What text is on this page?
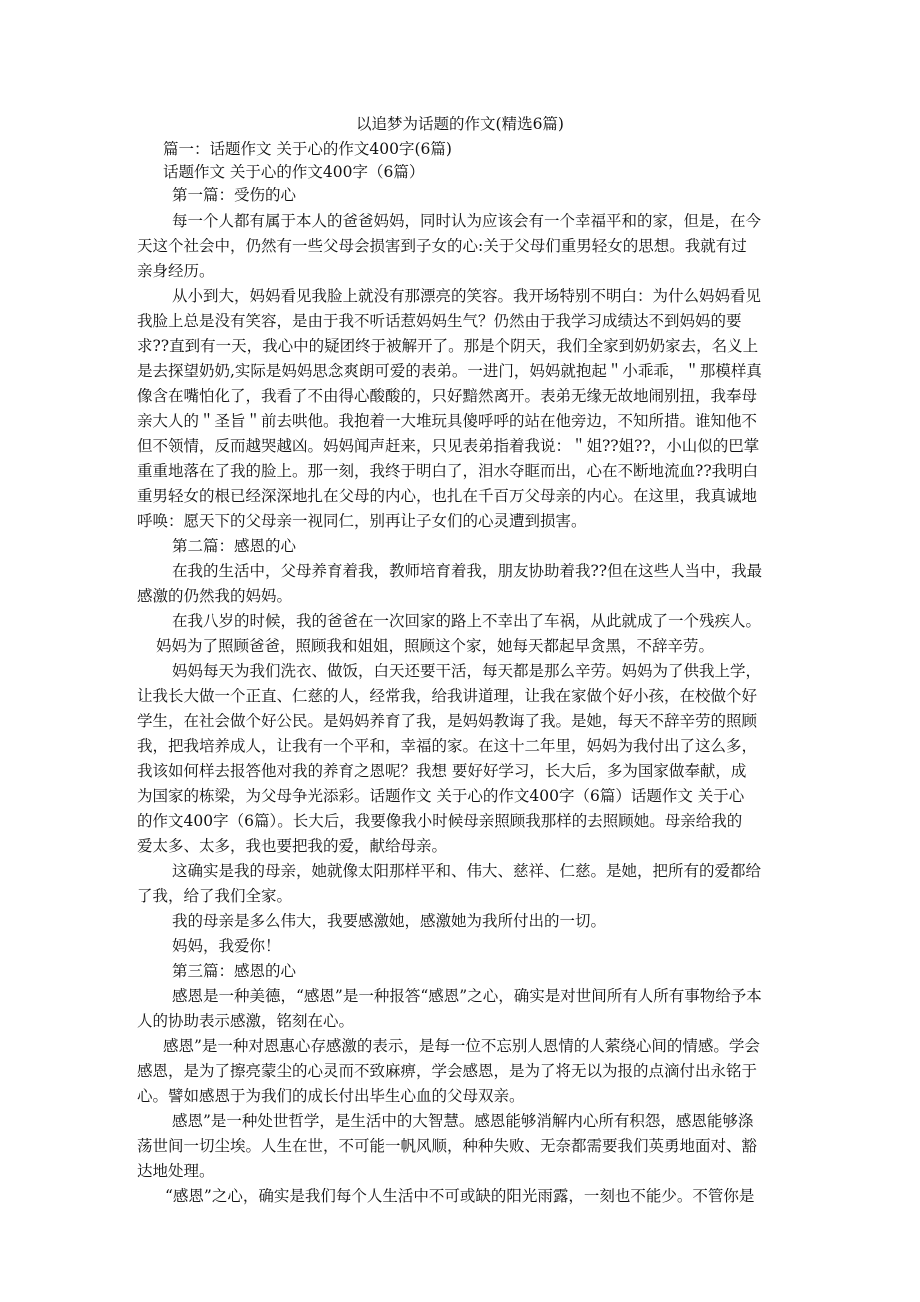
以追梦为话题的作文(精选6篇)
篇一：话题作文 关于心的作文400字(6篇)
话题作文 关于心的作文400字（6篇）
第一篇：受伤的心
每一个人都有属于本人的爸爸妈妈，同时认为应该会有一个幸福平和的家，但是，在今
天这个社会中，仍然有一些父母会损害到子女的心:关于父母们重男轻女的思想。我就有过
亲身经历。
从小到大，妈妈看见我脸上就没有那漂亮的笑容。我开场特别不明白：为什么妈妈看见
我脸上总是没有笑容，是由于我不听话惹妈妈生气？仍然由于我学习成绩达不到妈妈的要
求??直到有一天，我心中的疑团终于被解开了。那是个阴天，我们全家到奶奶家去，名义上
是去探望奶奶,实际是妈妈思念爽朗可爱的表弟。一进门，妈妈就抱起＂小乖乖，＂那模样真
像含在嘴怕化了，我看了不由得心酸酸的，只好黯然离开。表弟无缘无故地闹别扭，我奉母
亲大人的＂圣旨＂前去哄他。我抱着一大堆玩具傻呼呼的站在他旁边，不知所措。谁知他不
但不领情，反而越哭越凶。妈妈闻声赶来，只见表弟指着我说：＂姐??姐??，小山似的巴掌
重重地落在了我的脸上。那一刻，我终于明白了，泪水夺眶而出，心在不断地流血??我明白
重男轻女的根已经深深地扎在父母的内心，也扎在千百万父母亲的内心。在这里，我真诚地
呼唤：愿天下的父母亲一视同仁，别再让子女们的心灵遭到损害。
第二篇：感恩的心
在我的生活中，父母养育着我，教师培育着我，朋友协助着我??但在这些人当中，我最
感激的仍然我的妈妈。
在我八岁的时候，我的爸爸在一次回家的路上不幸出了车祸，从此就成了一个残疾人。
妈妈为了照顾爸爸，照顾我和姐姐，照顾这个家，她每天都起早贪黑，不辞辛劳。
妈妈每天为我们洗衣、做饭，白天还要干活，每天都是那么辛劳。妈妈为了供我上学，
让我长大做一个正直、仁慈的人，经常我，给我讲道理，让我在家做个好小孩，在校做个好
学生，在社会做个好公民。是妈妈养育了我，是妈妈教诲了我。是她，每天不辞辛劳的照顾
我，把我培养成人，让我有一个平和，幸福的家。在这十二年里，妈妈为我付出了这么多，
我该如何样去报答他对我的养育之恩呢？我想 要好好学习，长大后，多为国家做奉献，成
为国家的栋梁，为父母争光添彩。话题作文 关于心的作文400字（6篇）话题作文 关于心
的作文400字（6篇）。长大后，我要像我小时候母亲照顾我那样的去照顾她。母亲给我的
爱太多、太多，我也要把我的爱，献给母亲。
这确实是我的母亲，她就像太阳那样平和、伟大、慈祥、仁慈。是她，把所有的爱都给
了我，给了我们全家。
我的母亲是多么伟大，我要感激她，感激她为我所付出的一切。
妈妈，我爱你！
第三篇：感恩的心
感恩是一种美德，“感恩”是一种报答“感恩”之心，确实是对世间所有人所有事物给予本
人的协助表示感激，铭刻在心。
感恩”是一种对恩惠心存感激的表示，是每一位不忘别人恩情的人萦绕心间的情感。学会
感恩，是为了擦亮蒙尘的心灵而不致麻痹，学会感恩，是为了将无以为报的点滴付出永铭于
心。譬如感恩于为我们的成长付出毕生心血的父母双亲。
感恩”是一种处世哲学，是生活中的大智慧。感恩能够消解内心所有积怨，感恩能够涤
荡世间一切尘埃。人生在世，不可能一帆风顺，种种失败、无奈都需要我们英勇地面对、豁
达地处理。
“感恩”之心，确实是我们每个人生活中不可或缺的阳光雨露，一刻也不能少。不管你是
